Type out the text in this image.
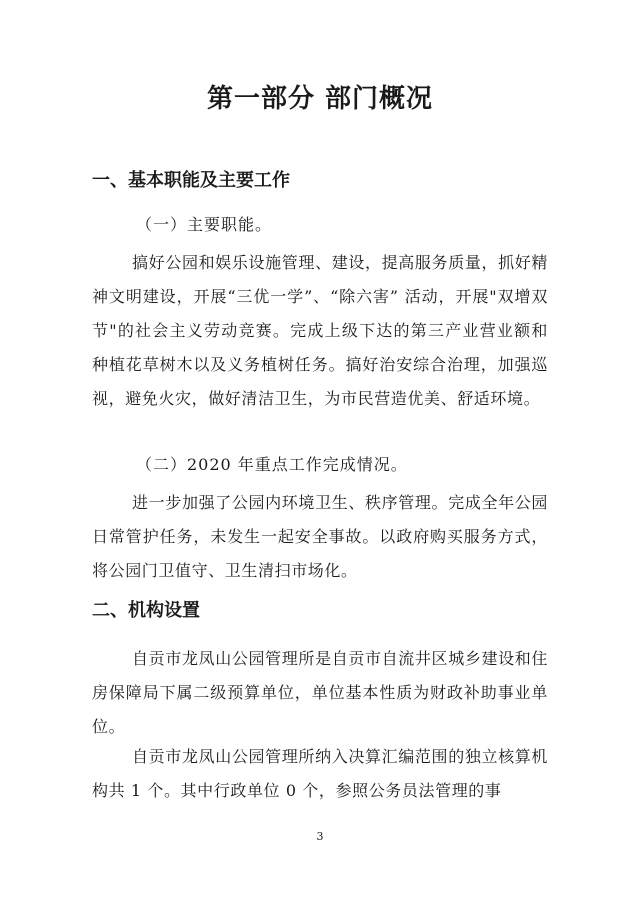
第一部分 部门概况
一、基本职能及主要工作
（一）主要职能。
搞好公园和娱乐设施管理、建设，提高服务质量，抓好精神文明建设，开展“三优一学”、“除六害” 活动，开展"双增双节"的社会主义劳动竞赛。完成上级下达的第三产业营业额和种植花草树木以及义务植树任务。搞好治安综合治理，加强巡视，避免火灾，做好清洁卫生，为市民营造优美、舒适环境。
（二）2020 年重点工作完成情况。
进一步加强了公园内环境卫生、秩序管理。完成全年公园日常管护任务，未发生一起安全事故。以政府购买服务方式，将公园门卫值守、卫生清扫市场化。
二、机构设置
自贡市龙凤山公园管理所是自贡市自流井区城乡建设和住房保障局下属二级预算单位，单位基本性质为财政补助事业单位。
自贡市龙凤山公园管理所纳入决算汇编范围的独立核算机构共 1 个。其中行政单位 0 个，参照公务员法管理的事
3
